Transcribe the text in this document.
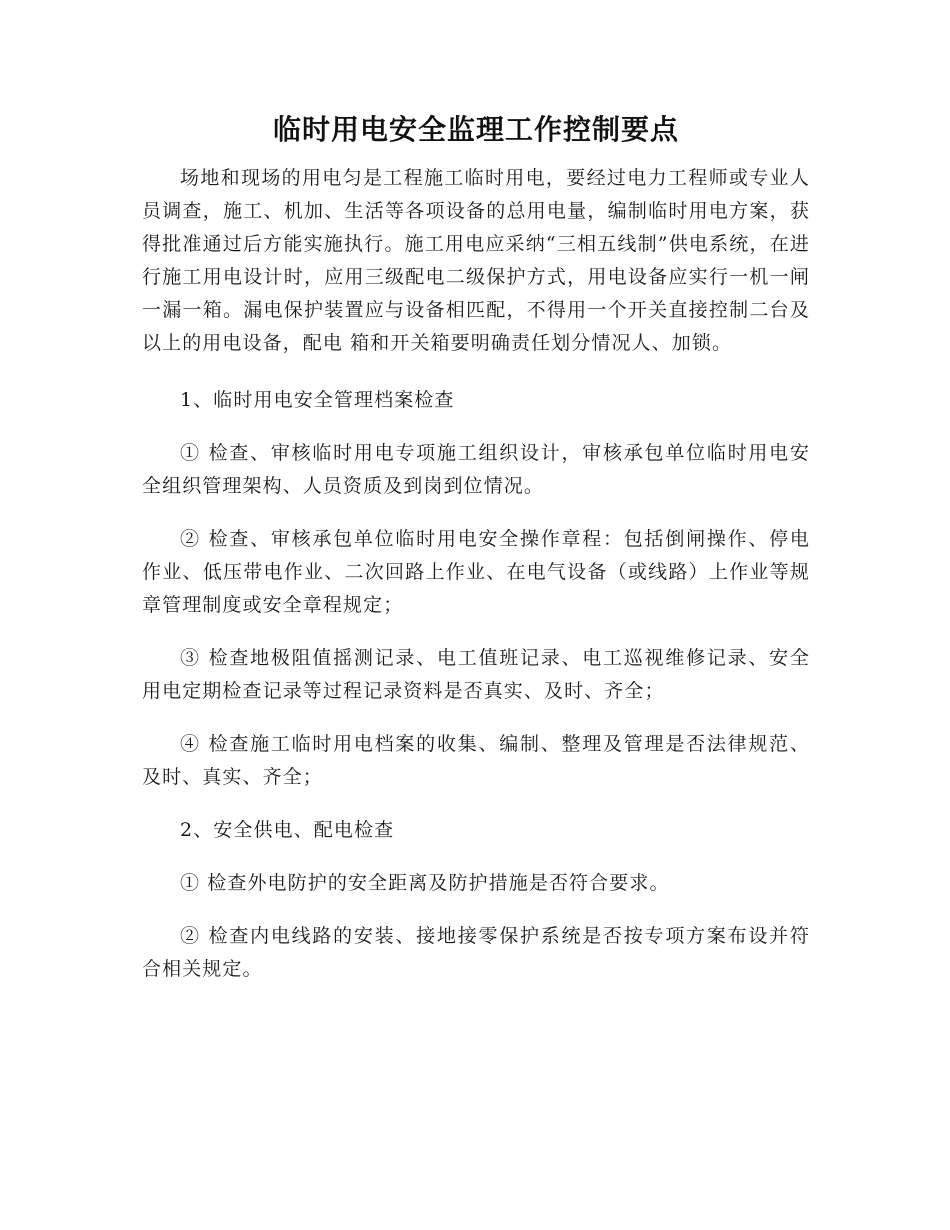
临时用电安全监理工作控制要点

场地和现场的用电匀是工程施工临时用电，要经过电力工程师或专业人员调查，施工、机加、生活等各项设备的总用电量，编制临时用电方案，获得批准通过后方能实施执行。施工用电应采纳“三相五线制”供电系统，在进行施工用电设计时，应用三级配电二级保护方式，用电设备应实行一机一闸一漏一箱。漏电保护装置应与设备相匹配，不得用一个开关直接控制二台及以上的用电设备，配电 箱和开关箱要明确责任划分情况人、加锁。

1、临时用电安全管理档案检查

① 检查、审核临时用电专项施工组织设计，审核承包单位临时用电安全组织管理架构、人员资质及到岗到位情况。

② 检查、审核承包单位临时用电安全操作章程：包括倒闸操作、停电作业、低压带电作业、二次回路上作业、在电气设备（或线路）上作业等规章管理制度或安全章程规定；

③ 检查地极阻值摇测记录、电工值班记录、电工巡视维修记录、安全用电定期检查记录等过程记录资料是否真实、及时、齐全；

④ 检查施工临时用电档案的收集、编制、整理及管理是否法律规范、及时、真实、齐全；

2、安全供电、配电检查

① 检查外电防护的安全距离及防护措施是否符合要求。

② 检查内电线路的安装、接地接零保护系统是否按专项方案布设并符合相关规定。
